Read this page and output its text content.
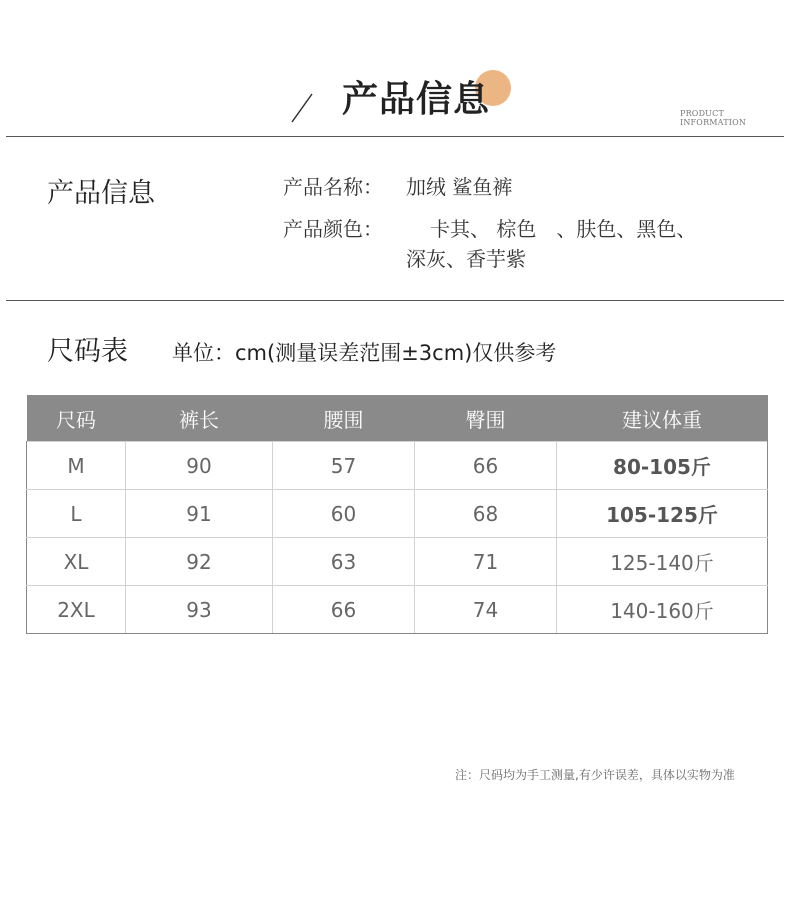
产品信息	PRODUCT INFORMATION
产品信息	产品名称： 加绒 鲨鱼裤
产品颜色： 卡其、 棕色　、肤色、黑色、
深灰、香芋紫
尺码表 单位：cm(测量误差范围±3cm)仅供参考
尺码	裤长	腰围	臀围	建议体重
M	90	57	66	80-105斤
L	91	60	68	105-125斤
XL	92	63	71	125-140斤
2XL	93	66	74	140-160斤
注：尺码均为手工测量,有少许误差，具体以实物为准
